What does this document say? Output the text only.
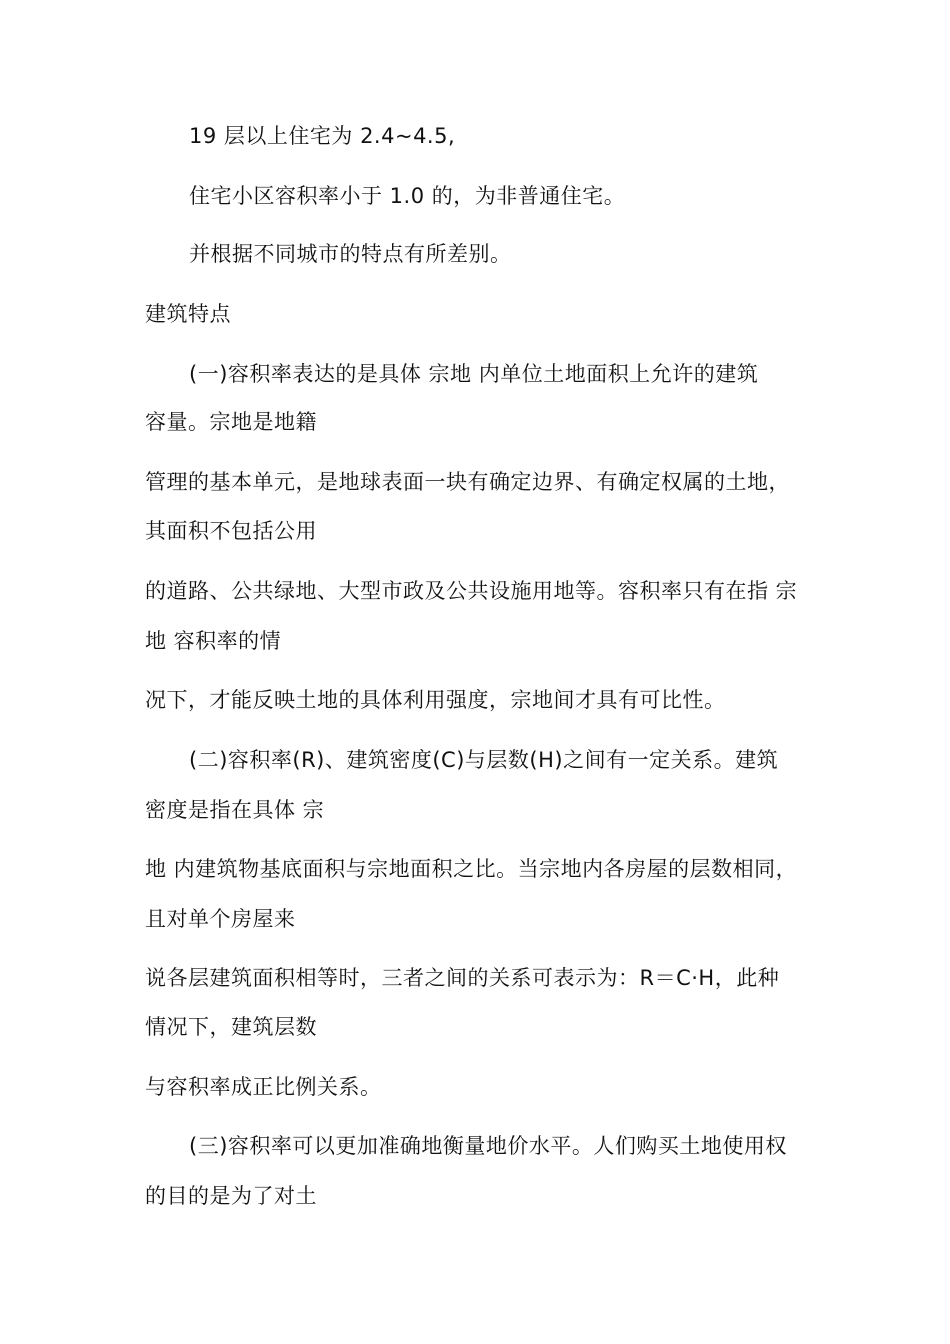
19 层以上住宅为 2.4~4.5,
住宅小区容积率小于 1.0 的，为非普通住宅。
并根据不同城市的特点有所差别。
建筑特点
(一)容积率表达的是具体 宗地 内单位土地面积上允许的建筑
容量。宗地是地籍
管理的基本单元，是地球表面一块有确定边界、有确定权属的土地，
其面积不包括公用
的道路、公共绿地、大型市政及公共设施用地等。容积率只有在指 宗
地 容积率的情
况下，才能反映土地的具体利用强度，宗地间才具有可比性。
(二)容积率(R)、建筑密度(C)与层数(H)之间有一定关系。建筑
密度是指在具体 宗
地 内建筑物基底面积与宗地面积之比。当宗地内各房屋的层数相同，
且对单个房屋来
说各层建筑面积相等时，三者之间的关系可表示为：R＝C·H，此种
情况下，建筑层数
与容积率成正比例关系。
(三)容积率可以更加准确地衡量地价水平。人们购买土地使用权
的目的是为了对土
